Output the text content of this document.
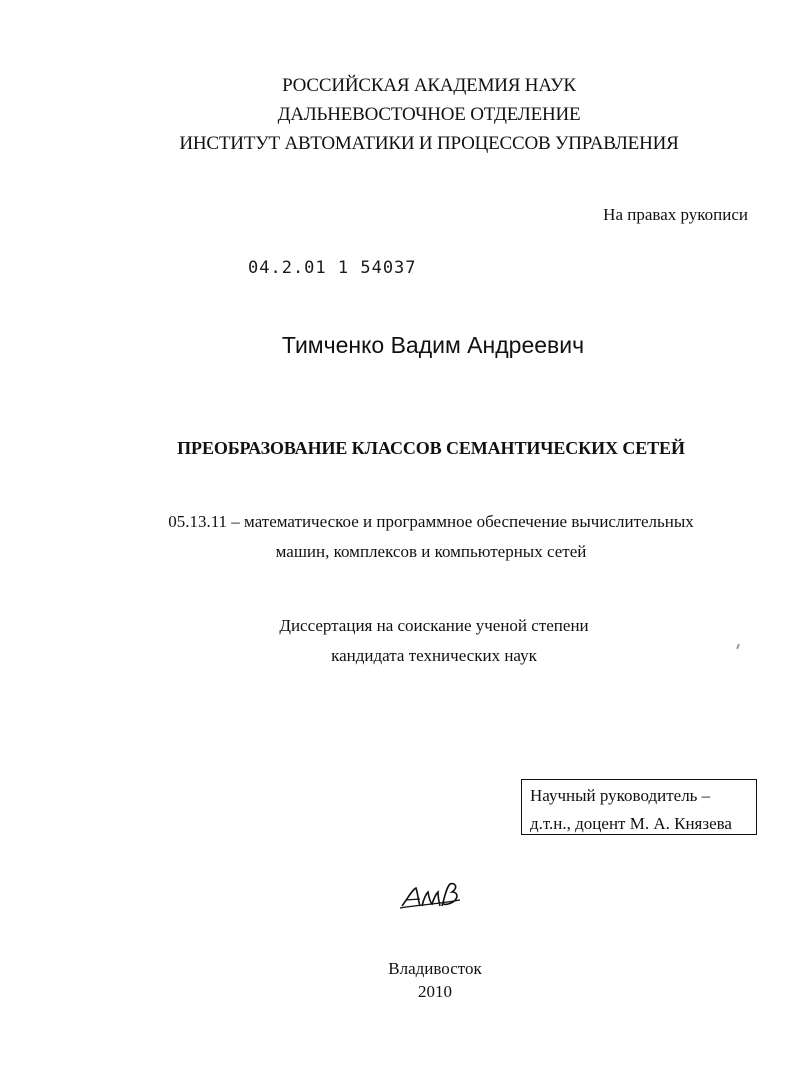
РОССИЙСКАЯ АКАДЕМИЯ НАУК
ДАЛЬНЕВОСТОЧНОЕ ОТДЕЛЕНИЕ
ИНСТИТУТ АВТОМАТИКИ И ПРОЦЕССОВ УПРАВЛЕНИЯ
На правах рукописи
04.2.01 1 54037
Тимченко Вадим Андреевич
ПРЕОБРАЗОВАНИЕ КЛАССОВ СЕМАНТИЧЕСКИХ СЕТЕЙ
05.13.11 – математическое и программное обеспечение вычислительных
машин, комплексов и компьютерных сетей
Диссертация на соискание ученой степени
кандидата технических наук
Научный руководитель –
д.т.н., доцент М. А. Князева
Владивосток
2010
